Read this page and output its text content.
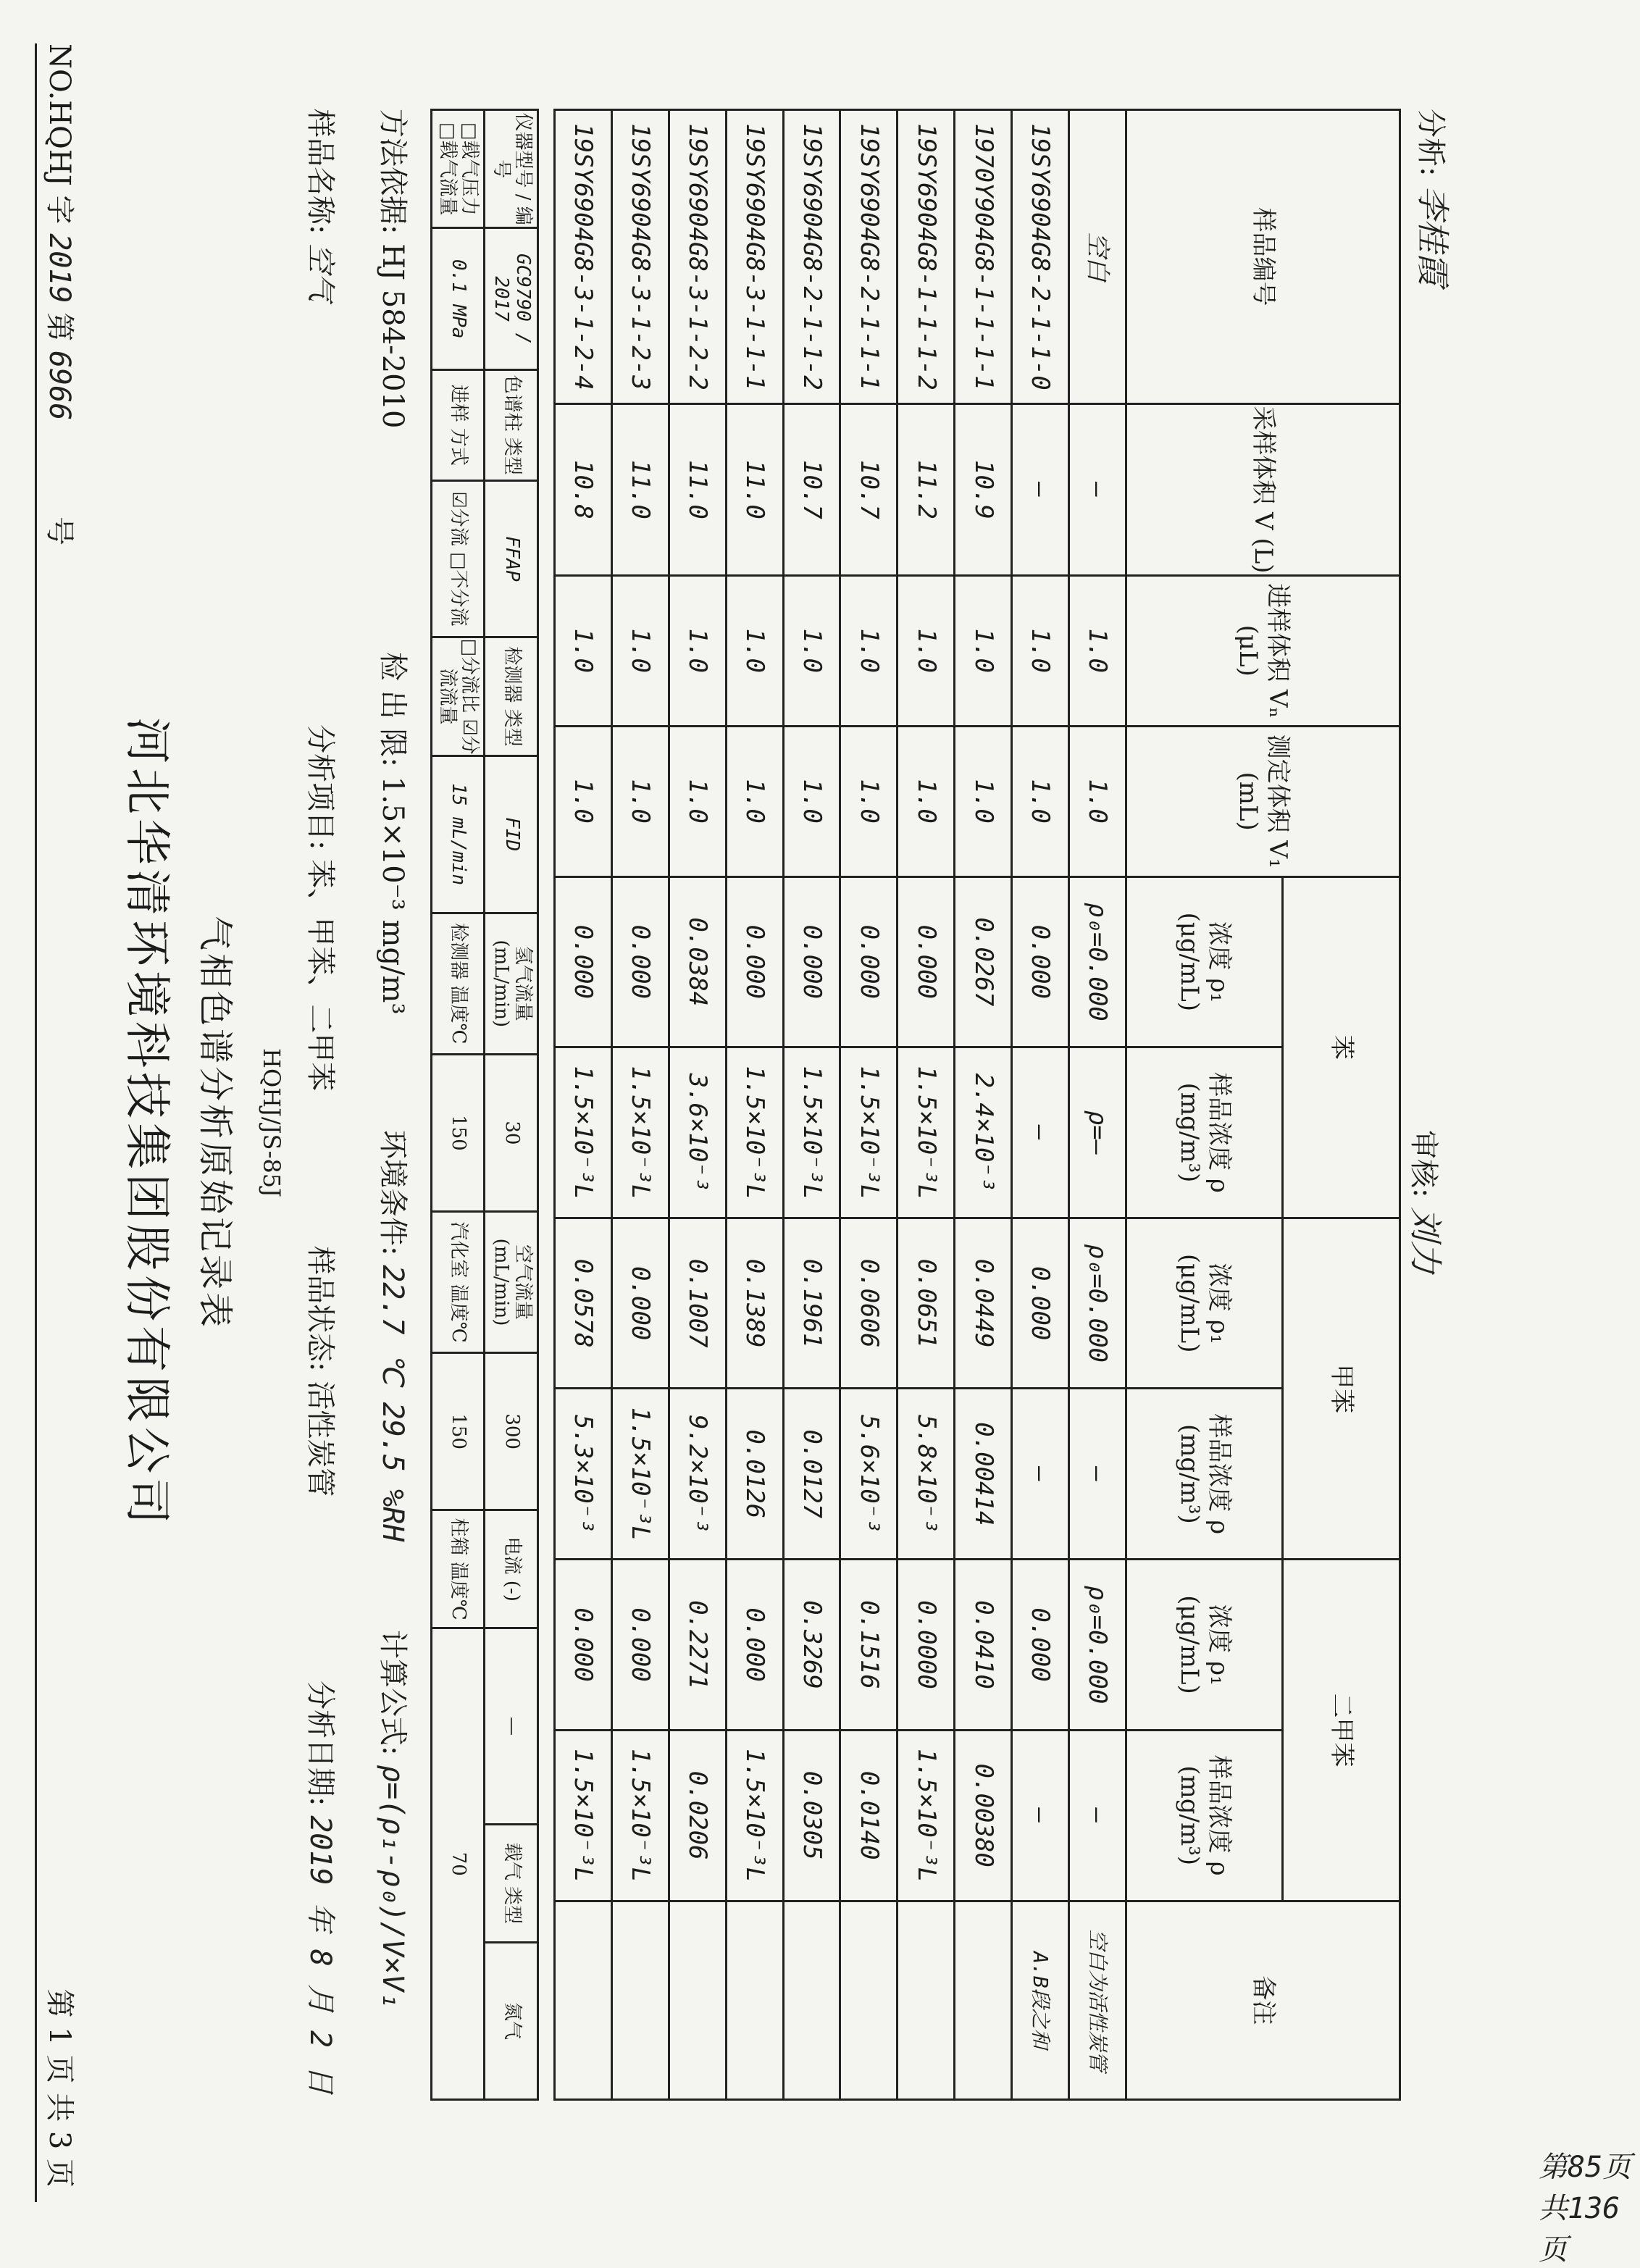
第85页 共136页
NO.HQHJ 字 2019 第 6966 号
第 1 页 共 3 页
河北华清环境科技集团股份有限公司 气相色谱分析原始记录表 HQHJ/JS-85J
样品名称: 空气
分析项目: 苯、甲苯、二甲苯
样品状态: 活性炭管
分析日期: 2019 年 8 月 2 日
方法依据: HJ 584-2010
检 出 限: 1.5×10⁻³ mg/m³
环境条件: 22.7 ℃ 29.5 %RH
计算公式: ρ=(ρ₁-ρ₀)/V×V₁
仪器型号 / 编号	GC9790 / 2017	色谱柱 类型	FFAP	检测器 类型	FID	氢气流量 (mL/min)	30	空气流量 (mL/min)	300	电流 (-)	—	载气 类型	氮气
□载气压力 □载气流量	0.1 MPa	进样 方式	☑分流 □不分流	□分流比 ☑分流流量	15 mL/min	检测器 温度℃	150	汽化室 温度℃	150	柱箱 温度℃	70		
样品编号	采样体积 V (L)	进样体积 Vₙ (μL)	测定体积 V₁ (mL)	苯		甲苯		二甲苯		备注
				浓度 ρ₁ (μg/mL)	样品浓度 ρ (mg/m³)	浓度 ρ₁ (μg/mL)	样品浓度 ρ (mg/m³)	浓度 ρ₁ (μg/mL)	样品浓度 ρ (mg/m³)	
空白	—	1.0	1.0	ρ₀=0.000	ρ=—	ρ₀=0.000	—	ρ₀=0.000	—	空白为活性炭管
19SY6904G8-2-1-1-0	—	1.0	1.0	0.000	—	0.000	—	0.000	—	A.B段之和
1970Y904G8-1-1-1-1	10.9	1.0	1.0	0.0267	2.4×10⁻³	0.0449	0.00414	0.0410	0.00380	
19SY6904G8-1-1-1-2	11.2	1.0	1.0	0.000	1.5×10⁻³L	0.0651	5.8×10⁻³	0.0000	1.5×10⁻³L	
19SY6904G8-2-1-1-1	10.7	1.0	1.0	0.000	1.5×10⁻³L	0.0606	5.6×10⁻³	0.1516	0.0140	
19SY6904G8-2-1-1-2	10.7	1.0	1.0	0.000	1.5×10⁻³L	0.1961	0.0127	0.3269	0.0305	
19SY6904G8-3-1-1-1	11.0	1.0	1.0	0.000	1.5×10⁻³L	0.1389	0.0126	0.000	1.5×10⁻³L	
19SY6904G8-3-1-2-2	11.0	1.0	1.0	0.0384	3.6×10⁻³	0.1007	9.2×10⁻³	0.2271	0.0206	
19SY6904G8-3-1-2-3	11.0	1.0	1.0	0.000	1.5×10⁻³L	0.000	1.5×10⁻³L	0.000	1.5×10⁻³L	
19SY6904G8-3-1-2-4	10.8	1.0	1.0	0.000	1.5×10⁻³L	0.0578	5.3×10⁻³	0.000	1.5×10⁻³L	
分析: 李桂霞
审核: 刘力
